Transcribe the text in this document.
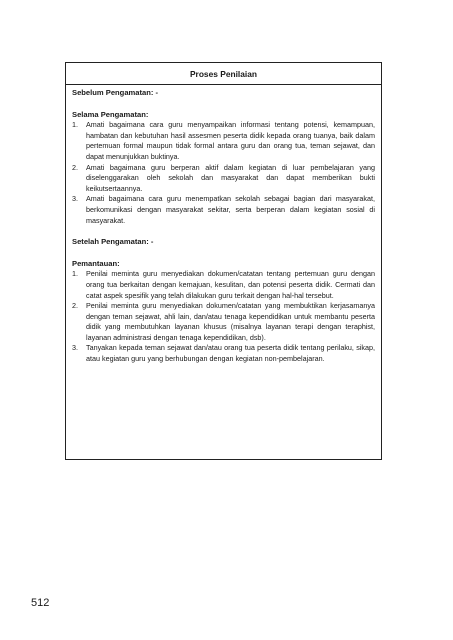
Proses Penilaian
Sebelum Pengamatan: -
Selama Pengamatan:
1.	Amati bagaimana cara guru menyampaikan informasi tentang potensi, kemampuan, hambatan dan kebutuhan hasil assesmen peserta didik kepada orang tuanya, baik dalam pertemuan formal maupun tidak formal antara guru dan orang tua, teman sejawat, dan dapat menunjukkan buktinya.
2.	Amati bagaimana guru berperan aktif dalam kegiatan di luar pembelajaran yang diselenggarakan oleh sekolah dan masyarakat dan dapat memberikan bukti keikutsertaannya.
3.	Amati bagaimana cara guru menempatkan sekolah sebagai bagian dari masyarakat, berkomunikasi dengan masyarakat sekitar, serta berperan dalam kegiatan sosial di masyarakat.
Setelah Pengamatan: -
Pemantauan:
1.	Penilai meminta guru menyediakan dokumen/catatan tentang pertemuan guru dengan orang tua berkaitan dengan kemajuan, kesulitan, dan potensi peserta didik. Cermati dan catat aspek spesifik yang telah dilakukan guru terkait dengan hal-hal tersebut.
2.	Penilai meminta guru menyediakan dokumen/catatan yang membuktikan kerjasamanya dengan teman sejawat, ahli lain, dan/atau tenaga kependidikan untuk membantu peserta didik yang membutuhkan layanan khusus (misalnya layanan terapi dengan teraphist, layanan administrasi dengan tenaga kependidikan, dsb).
3.	Tanyakan kepada teman sejawat dan/atau orang tua peserta didik tentang perilaku, sikap, atau kegiatan guru yang berhubungan dengan kegiatan non-pembelajaran.
512
